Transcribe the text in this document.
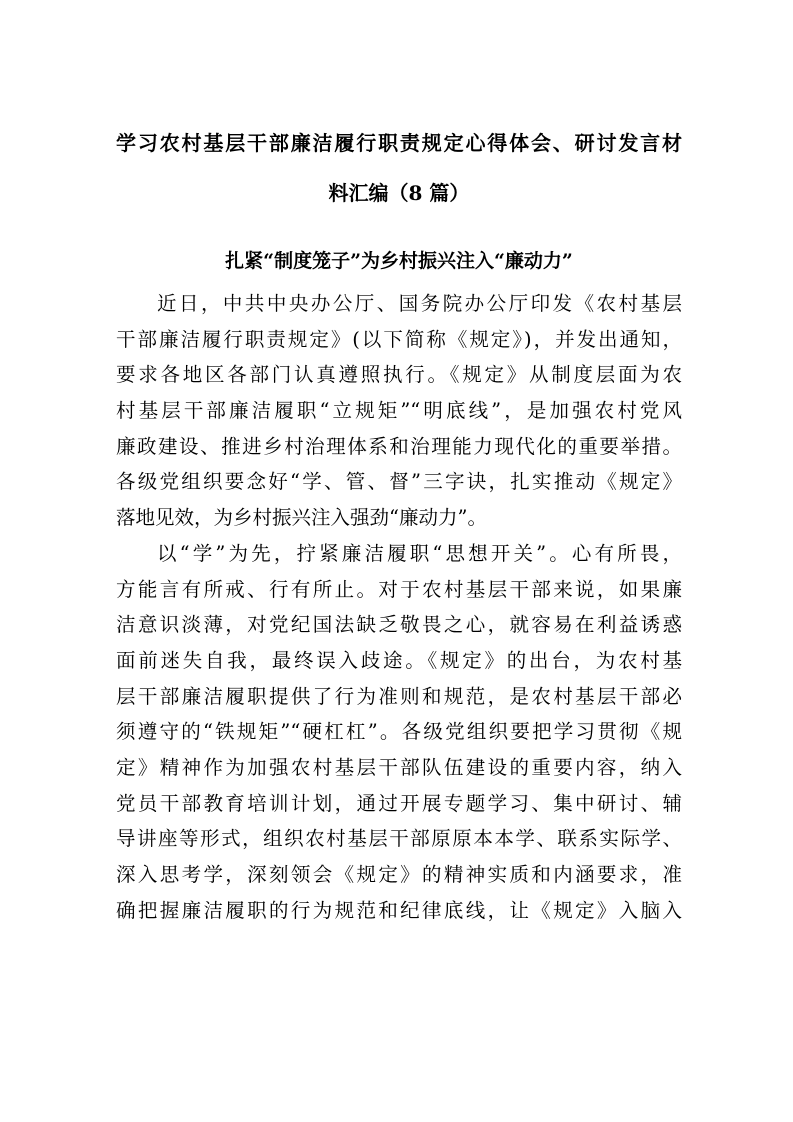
学习农村基层干部廉洁履行职责规定心得体会、研讨发言材
料汇编（8 篇）
扎紧“制度笼子”为乡村振兴注入“廉动力”
近日，中共中央办公厅、国务院办公厅印发《农村基层
干部廉洁履行职责规定》(以下简称《规定》)，并发出通知，
要求各地区各部门认真遵照执行。《规定》从制度层面为农
村基层干部廉洁履职“立规矩”“明底线”，是加强农村党风
廉政建设、推进乡村治理体系和治理能力现代化的重要举措。
各级党组织要念好“学、管、督”三字诀，扎实推动《规定》
落地见效，为乡村振兴注入强劲“廉动力”。
以“学”为先，拧紧廉洁履职“思想开关”。心有所畏，
方能言有所戒、行有所止。对于农村基层干部来说，如果廉
洁意识淡薄，对党纪国法缺乏敬畏之心，就容易在利益诱惑
面前迷失自我，最终误入歧途。《规定》的出台，为农村基
层干部廉洁履职提供了行为准则和规范，是农村基层干部必
须遵守的“铁规矩”“硬杠杠”。各级党组织要把学习贯彻《规
定》精神作为加强农村基层干部队伍建设的重要内容，纳入
党员干部教育培训计划，通过开展专题学习、集中研讨、辅
导讲座等形式，组织农村基层干部原原本本学、联系实际学、
深入思考学，深刻领会《规定》的精神实质和内涵要求，准
确把握廉洁履职的行为规范和纪律底线，让《规定》入脑入
